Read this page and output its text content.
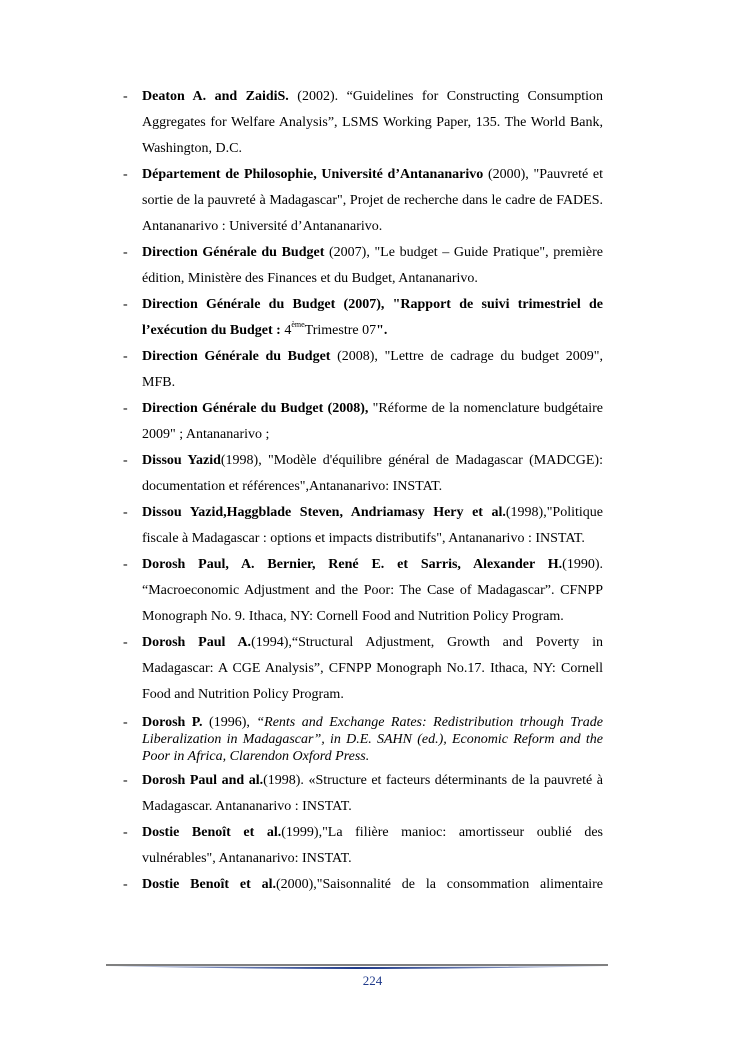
- Deaton A. and ZaidiS. (2002). “Guidelines for Constructing Consumption Aggregates for Welfare Analysis”, LSMS Working Paper, 135. The World Bank, Washington, D.C.
- Département de Philosophie, Université d’Antananarivo (2000), "Pauvreté et sortie de la pauvreté à Madagascar", Projet de recherche dans le cadre de FADES. Antananarivo : Université d’Antananarivo.
- Direction Générale du Budget (2007), "Le budget – Guide Pratique", première édition, Ministère des Finances et du Budget, Antananarivo.
- Direction Générale du Budget (2007), "Rapport de suivi trimestriel de l’exécution du Budget : 4èmeTrimestre 07".
- Direction Générale du Budget (2008), "Lettre de cadrage du budget 2009", MFB.
- Direction Générale du Budget (2008), "Réforme de la nomenclature budgétaire 2009" ; Antananarivo ;
- Dissou Yazid(1998), "Modèle d'équilibre général de Madagascar (MADCGE): documentation et références",Antananarivo: INSTAT.
- Dissou Yazid,Haggblade Steven, Andriamasy Hery et al.(1998),"Politique fiscale à Madagascar : options et impacts distributifs", Antananarivo : INSTAT.
- Dorosh Paul, A. Bernier, René E. et Sarris, Alexander H.(1990). “Macroeconomic Adjustment and the Poor: The Case of Madagascar”. CFNPP Monograph No. 9. Ithaca, NY: Cornell Food and Nutrition Policy Program.
- Dorosh Paul A.(1994),“Structural Adjustment, Growth and Poverty in Madagascar: A CGE Analysis”, CFNPP Monograph No.17. Ithaca, NY: Cornell Food and Nutrition Policy Program.
- Dorosh P. (1996), “Rents and Exchange Rates: Redistribution trhough Trade Liberalization in Madagascar”, in D.E. SAHN (ed.), Economic Reform and the Poor in Africa, Clarendon Oxford Press.
- Dorosh Paul and al.(1998). «Structure et facteurs déterminants de la pauvreté à Madagascar. Antananarivo : INSTAT.
- Dostie Benoît et al.(1999),"La filière manioc: amortisseur oublié des vulnérables", Antananarivo: INSTAT.
- Dostie Benoît et al.(2000),"Saisonnalité de la consommation alimentaire
224
